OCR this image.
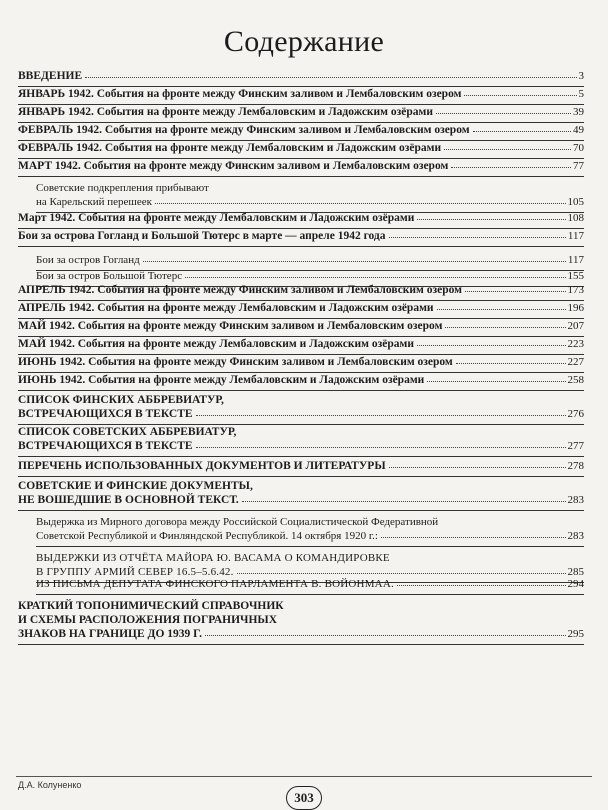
Содержание
ВВЕДЕНИЕ	3
ЯНВАРЬ 1942. События на фронте между Финским заливом и Лембаловским озером	5
ЯНВАРЬ 1942. События на фронте между Лембаловским и Ладожским озёрами	39
ФЕВРАЛЬ 1942. События на фронте между Финским заливом и Лембаловским озером	49
ФЕВРАЛЬ 1942. События на фронте между Лембаловским и Ладожским озёрами	70
МАРТ 1942. События на фронте между Финским заливом и Лембаловским озером	77
Советские подкрепления прибывают
на Карельский перешеек	105
Март 1942. События на фронте между Лембаловским и Ладожским озёрами	108
Бои за острова Гогланд и Большой Тютерс в марте — апреле 1942 года	117
Бои за остров Гогланд	117
Бои за остров Большой Тютерс	155
АПРЕЛЬ 1942. События на фронте между Финским заливом и Лембаловским озером	173
АПРЕЛЬ 1942. События на фронте между Лембаловским и Ладожским озёрами	196
МАЙ 1942. События на фронте между Финским заливом и Лембаловским озером	207
МАЙ 1942. События на фронте между Лембаловским и Ладожским озёрами	223
ИЮНЬ 1942. События на фронте между Финским заливом и Лембаловским озером	227
ИЮНЬ 1942. События на фронте между Лембаловским и Ладожским озёрами	258
СПИСОК ФИНСКИХ АББРЕВИАТУР,
ВСТРЕЧАЮЩИХСЯ В ТЕКСТЕ	276
СПИСОК СОВЕТСКИХ АББРЕВИАТУР,
ВСТРЕЧАЮЩИХСЯ В ТЕКСТЕ	277
ПЕРЕЧЕНЬ ИСПОЛЬЗОВАННЫХ ДОКУМЕНТОВ И ЛИТЕРАТУРЫ	278
СОВЕТСКИЕ И ФИНСКИЕ ДОКУМЕНТЫ,
НЕ ВОШЕДШИЕ В ОСНОВНОЙ ТЕКСТ.	283
Выдержка из Мирного договора между Российской Социалистической Федеративной
Советской Республикой и Финляндской Республикой. 14 октября 1920 г.:	283
ВЫДЕРЖКИ ИЗ ОТЧЁТА МАЙОРА Ю. ВАСАМА О КОМАНДИРОВКЕ
В ГРУППУ АРМИЙ СЕВЕР 16.5–5.6.42.	285
ИЗ ПИСЬМА ДЕПУТАТА ФИНСКОГО ПАРЛАМЕНТА В. ВОЙОНМАА.	294
КРАТКИЙ ТОПОНИМИЧЕСКИЙ СПРАВОЧНИК
И СХЕМЫ РАСПОЛОЖЕНИЯ ПОГРАНИЧНЫХ
ЗНАКОВ НА ГРАНИЦЕ ДО 1939 Г.	295
Д.А. Колуненко
303
